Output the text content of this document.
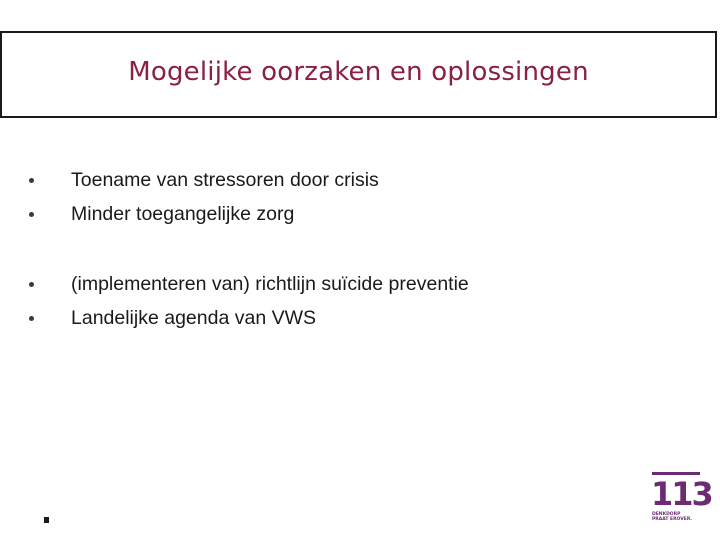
Mogelijke oorzaken en oplossingen
Toename van stressoren door crisis
Minder toegangelijke zorg
(implementeren van) richtlijn suïcide preventie
Landelijke agenda van VWS
113
DENKDORP
PRAAT EROVER.
